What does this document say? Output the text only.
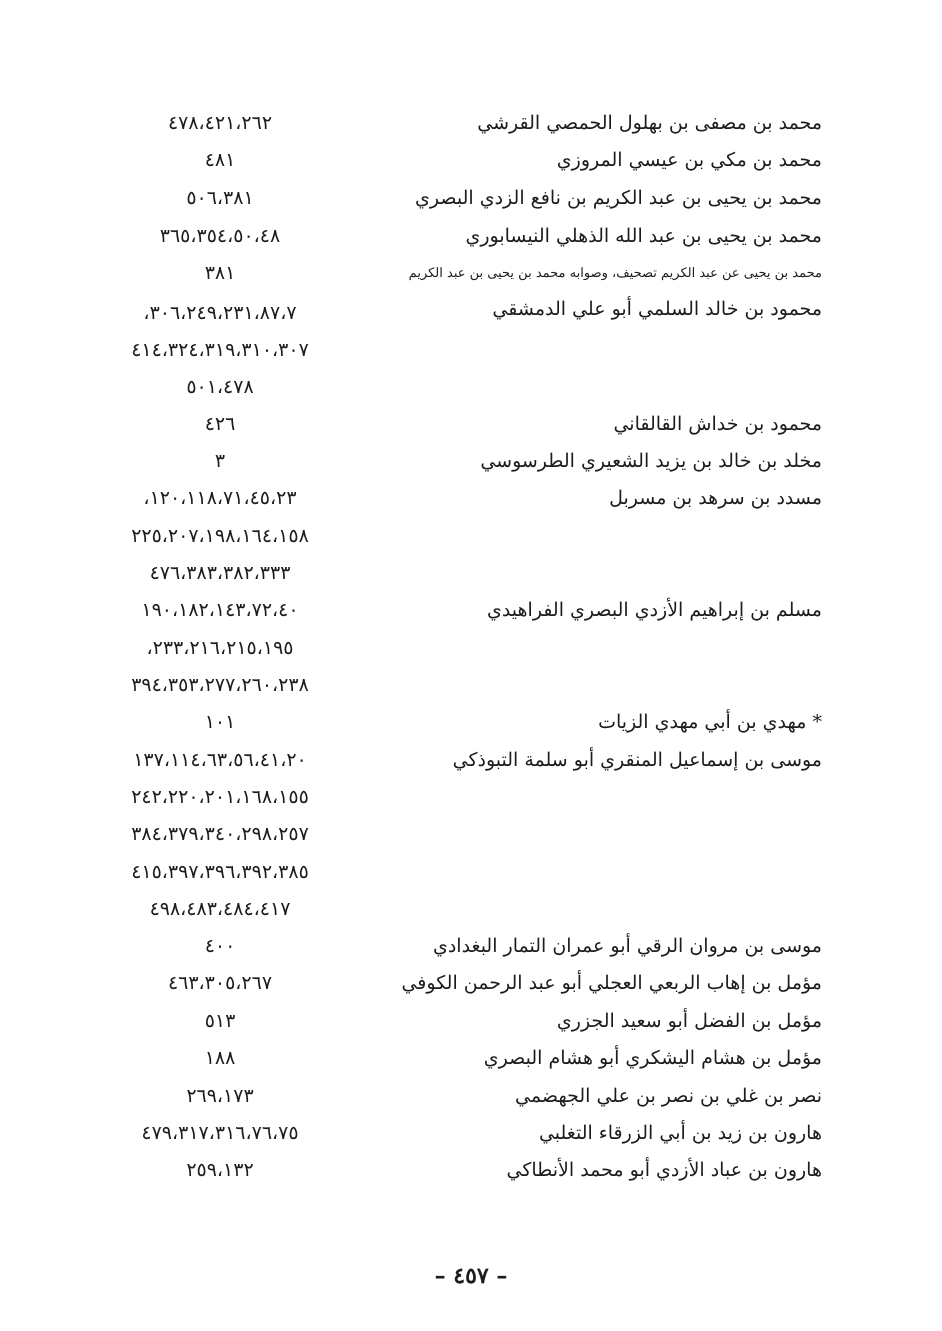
محمد بن مصفى بن بهلول الحمصي القرشي
٤٧٨،٤٢١،٢٦٢
محمد بن مكي بن عيسي المروزي
٤٨١
محمد بن يحيى بن عبد الكريم بن نافع الزدي البصري
٥٠٦،٣٨١
محمد بن يحيى بن عبد الله الذهلي النيسابوري
٣٦٥،٣٥٤،٥٠،٤٨
محمد بن يحيى عن عبد الكريم تصحيف، وصوابه محمد بن يحيى بن عبد الكريم
٣٨١
محمود بن خالد السلمي أبو علي الدمشقي
٣٠٦،٢٤٩،٢٣١،٨٧،٧،
٤١٤،٣٢٤،٣١٩،٣١٠،٣٠٧
٥٠١،٤٧٨
محمود بن خداش القالقاني
٤٢٦
مخلد بن خالد بن يزيد الشعيري الطرسوسي
٣
مسدد بن سرهد بن مسربل
١٢٠،١١٨،٧١،٤٥،٢٣،
٢٢٥،٢٠٧،١٩٨،١٦٤،١٥٨
٤٧٦،٣٨٣،٣٨٢،٣٣٣
مسلم بن إبراهيم الأزدي البصري الفراهيدي
١٩٠،١٨٢،١٤٣،٧٢،٤٠
٢٣٣،٢١٦،٢١٥،١٩٥،
٣٩٤،٣٥٣،٢٧٧،٢٦٠،٢٣٨
* مهدي بن أبي مهدي الزيات
١٠١
موسى بن إسماعيل المنقري أبو سلمة التبوذكي
١٣٧،١١٤،٦٣،٥٦،٤١،٢٠
٢٤٢،٢٢٠،٢٠١،١٦٨،١٥٥
٣٨٤،٣٧٩،٣٤٠،٢٩٨،٢٥٧
٤١٥،٣٩٧،٣٩٦،٣٩٢،٣٨٥
٤٩٨،٤٨٣،٤٨٤،٤١٧
موسى بن مروان الرقي أبو عمران التمار البغدادي
٤٠٠
مؤمل بن إهاب الربعي العجلي أبو عبد الرحمن الكوفي
٤٦٣،٣٠٥،٢٦٧
مؤمل بن الفضل أبو سعيد الجزري
٥١٣
مؤمل بن هشام اليشكري أبو هشام البصري
١٨٨
نصر بن غلي بن نصر بن علي الجهضمي
٢٦٩،١٧٣
هارون بن زيد بن أبي الزرقاء التغلبي
٤٧٩،٣١٧،٣١٦،٧٦،٧٥
هارون بن عباد الأزدي أبو محمد الأنطاكي
٢٥٩،١٣٢
– ٤٥٧ –
